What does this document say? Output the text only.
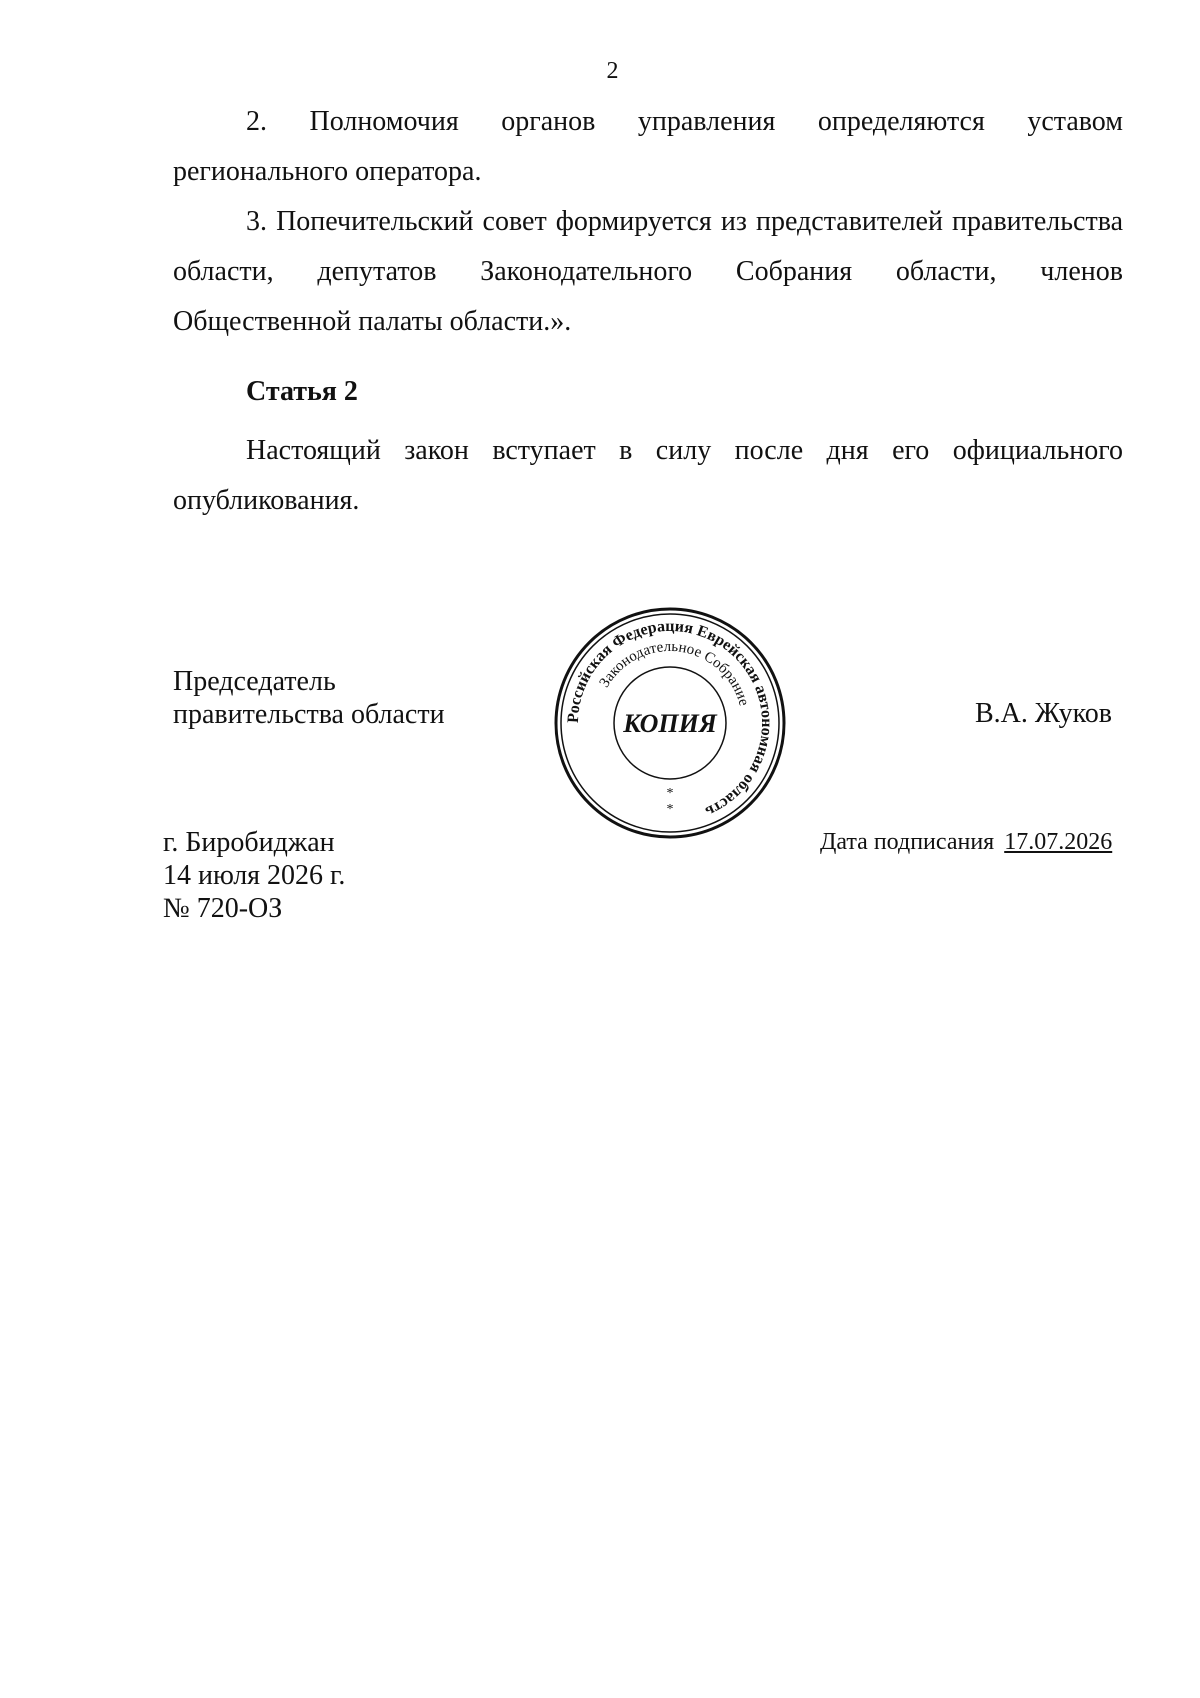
2

2. Полномочия органов управления определяются уставом регионального оператора.

3. Попечительский совет формируется из представителей правительства области, депутатов Законодательного Собрания области, членов Общественной палаты области.».

Статья 2

Настоящий закон вступает в силу после дня его официального опубликования.

Председатель
правительства области	В.А. Жуков
Российская Федерация Еврейская автономная область
Законодательное Собрание
КОПИЯ
*
*
г. Биробиджан
14 июля 2026 г.
№ 720-ОЗ
Дата подписания 17.07.2026
